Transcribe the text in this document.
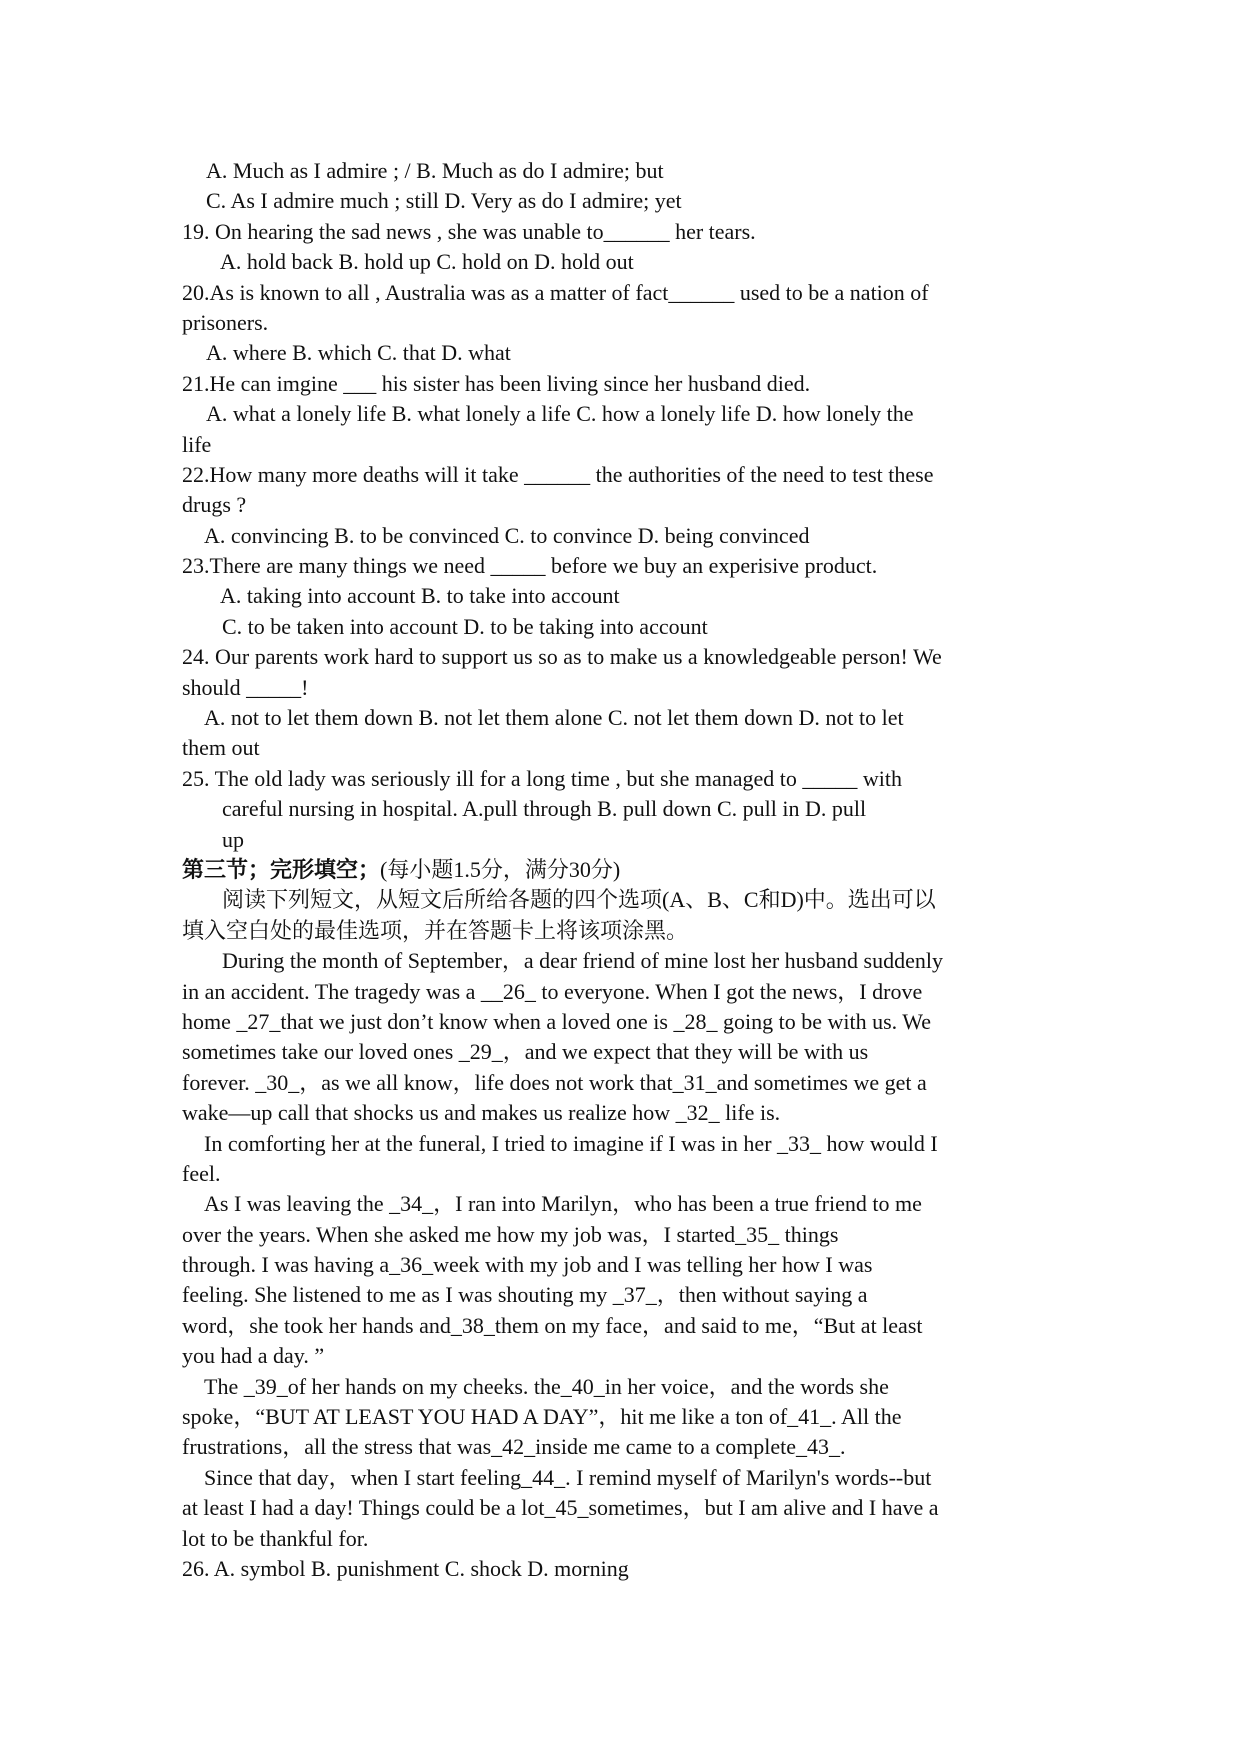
A. Much as I admire ; / B. Much as do I admire; but
C. As I admire much ; still D. Very as do I admire; yet
19. On hearing the sad news , she was unable to______ her tears.
A. hold back B. hold up C. hold on D. hold out
20.As is known to all , Australia was as a matter of fact______ used to be a nation of
prisoners.
A. where B. which C. that D. what
21.He can imgine ___ his sister has been living since her husband died.
A. what a lonely life B. what lonely a life C. how a lonely life D. how lonely the
life
22.How many more deaths will it take ______ the authorities of the need to test these
drugs ?
A. convincing B. to be convinced C. to convince D. being convinced
23.There are many things we need _____ before we buy an experisive product.
A. taking into account B. to take into account
C. to be taken into account D. to be taking into account
24. Our parents work hard to support us so as to make us a knowledgeable person! We
should _____!
A. not to let them down B. not let them alone C. not let them down D. not to let
them out
25. The old lady was seriously ill for a long time , but she managed to _____ with
careful nursing in hospital. A.pull through B. pull down C. pull in D. pull
up
第三节；完形填空；(每小题1.5分，满分30分)
阅读下列短文，从短文后所给各题的四个选项(A、B、C和D)中。选出可以
填入空白处的最佳选项，并在答题卡上将该项涂黑。
During the month of September，a dear friend of mine lost her husband suddenly
in an accident. The tragedy was a __26_ to everyone. When I got the news，I drove
home _27_that we just don’t know when a loved one is _28_ going to be with us. We
sometimes take our loved ones _29_，and we expect that they will be with us
forever. _30_，as we all know，life does not work that_31_and sometimes we get a
wake—up call that shocks us and makes us realize how _32_ life is.
In comforting her at the funeral, I tried to imagine if I was in her _33_ how would I
feel.
As I was leaving the _34_，I ran into Marilyn，who has been a true friend to me
over the years. When she asked me how my job was，I started_35_ things
through. I was having a_36_week with my job and I was telling her how I was
feeling. She listened to me as I was shouting my _37_，then without saying a
word，she took her hands and_38_them on my face，and said to me，“But at least
you had a day. ”
The _39_of her hands on my cheeks. the_40_in her voice，and the words she
spoke，“BUT AT LEAST YOU HAD A DAY”，hit me like a ton of_41_. All the
frustrations，all the stress that was_42_inside me came to a complete_43_.
Since that day，when I start feeling_44_. I remind myself of Marilyn's words--but
at least I had a day! Things could be a lot_45_sometimes，but I am alive and I have a
lot to be thankful for.
26. A. symbol B. punishment C. shock D. morning
